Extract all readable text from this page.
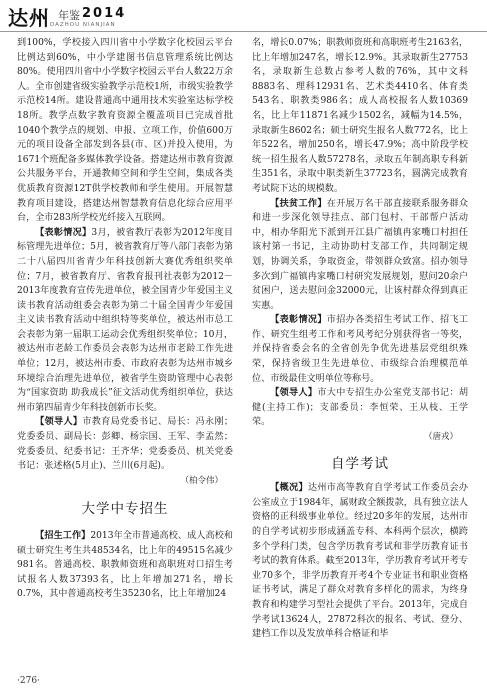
达州 年鉴 2014
DAZHOU NIANJIAN

到100%，学校接入四川省中小学数字化校园云平台比例达到60%，中小学建图书信息管理系统比例达80%。使用四川省中小学数字校园云平台人数22万余人。全市创建省级实验教学示范校1所，市级实验教学示范校14所。建设普通高中通用技术实验室达标学校18所。教学点数字教育资源全覆盖项目已完成首批1040个教学点的规划、申报、立项工作，价值600万元的项目设备全部发到各县(市、区)并投入使用，为1671个班配备多媒体教学设备。搭建达州市教育资源公共服务平台，开通教师空间和学生空间，集成各类优质教育资源12T供学校教师和学生使用。开展智慧教育项目建设，搭建达州智慧教育信息化综合应用平台，全市283所学校光纤接入互联网。

【表彰情况】3月，被省教厅表彰为2012年度目标管理先进单位；5月，被省教育厅等八部门表彰为第二十八届四川省青少年科技创新大赛优秀组织奖单位；7月，被省教育厅、省教育报刊社表彰为2012－2013年度教育宣传先进单位，被全国青少年爱国主义读书教育活动组委会表彰为第二十届全国青少年爱国主义读书教育活动中组织特等奖单位，被达州市总工会表彰为第一届职工运动会优秀组织奖单位；10月，被达州市老龄工作委员会表彰为达州市老龄工作先进单位；12月，被达州市委、市政府表彰为达州市城乡环境综合治理先进单位，被省学生资助管理中心表彰为“国家资助 助我成长”征文活动优秀组织单位，获达州市第四届青少年科技创新市长奖。

【领导人】市教育局党委书记、局长：冯永刚；党委委员、副局长：彭卿、杨宗国、王军、李孟然；党委委员、纪委书记：王齐华；党委委员、机关党委书记：张述格(5月止)、兰川(6月起)。

（柏令伟）

大学中专招生

【招生工作】2013年全市普通高校、成人高校和硕士研究生考生共48534名，比上年的49515名减少981名。普通高校、职教师资班和高职班对口招生考试报名人数37393名，比上年增加271名，增长0.7%，其中普通高校考生35230名，比上年增加24

名，增长0.07%；职教师资班和高职班考生2163名，比上年增加247名，增长12.9%。其录取新生27753名，录取新生总数占参考人数的76%，其中文科8883名、理科12931名、艺术类4410名、体育类543名、职教类986名；成人高校报名人数10369名，比上年11871名减少1502名，减幅为14.5%，录取新生8602名；硕士研究生报名人数772名，比上年522名，增加250名，增长47.9%；高中阶段学校统一招生报名人数57278名，录取五年制高职专科新生351名，录取中职类新生37723名，圆满完成教育考试院下达的规模数。

【扶贫工作】在开展万名干部直接联系服务群众和进一步深化领导挂点、部门包村、干部帮户活动中，相办华阳光下派到开江县广福镇冉家嘴口村担任该村第一书记，主动协助村支部工作，共同制定规划，协调关系，争取资金，带领群众致富。招办领导多次到广福镇冉家嘴口村研究发展规划，慰问20余户贫困户，送去慰问金32000元，让该村群众得到真正实惠。

【表彰情况】市招办各类招生考试工作、招飞工作、研究生组考工作和考风考纪分别获得省一等奖，并保持省委会名的全省创先争优先进基层党组织殊荣，保持省级卫生先进单位、市级综合治理模范单位、市级最佳文明单位等称号。

【领导人】市大中专招生办公室党支部书记：胡健(主持工作)；支部委员：李恒荣、王从枝、王学荣。

（唐戎）

自学考试

【概况】达州市高等教育自学考试工作委员会办公室成立于1984年，属财政全额拨款，具有独立法人资格的正科级事业单位。经过20多年的发展，达州市的自学考试初步形成涵盖专科、本科两个层次，横跨多个学科门类，包含学历教育考试和非学历教育证书考试的教育体系。截至2013年，学历教育考试开考专业70多个，非学历教育开考4个专业证书和职业资格证书考试，满足了群众对教育多样化的需求，为终身教育和构建学习型社会提供了平台。2013年，完成自学考试13624人，27872科次的报名、考试、登分、建档工作以及发放单科合格证和毕

·276·
